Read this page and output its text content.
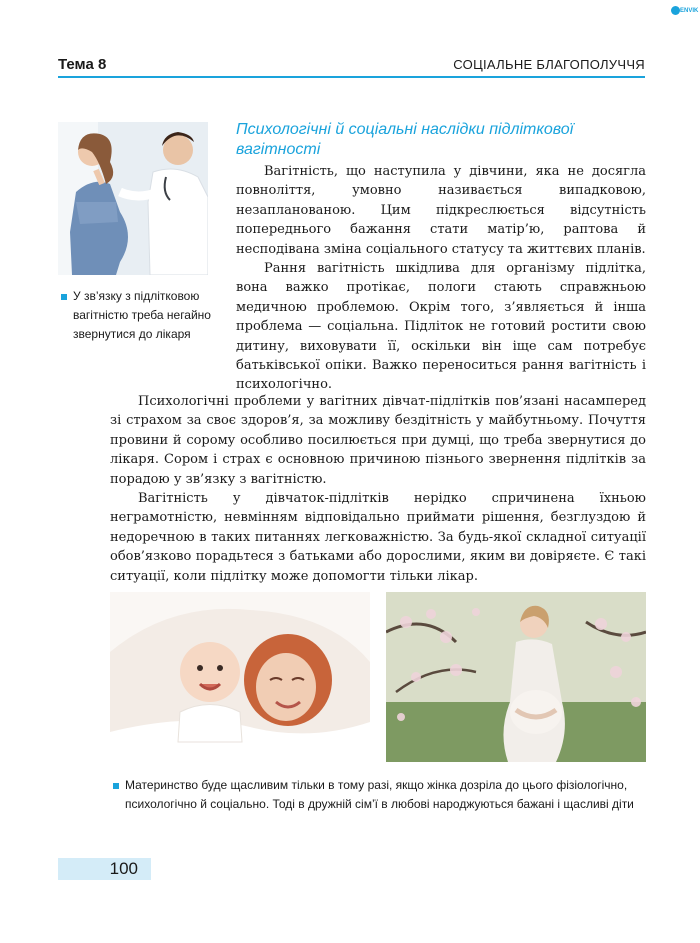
ENVIK
Тема 8	СОЦІАЛЬНЕ БЛАГОПОЛУЧЧЯ
У зв’язку з підлітковою вагітністю треба негайно звернутися до лікаря
Психологічні й соціальні наслідки підліткової вагітності

Вагітність, що наступила у дівчини, яка не досягла повноліття, умовно називається випадковою, незапланованою. Цим підкреслюється відсутність попереднього бажання стати матір’ю, раптова й несподівана зміна соціального статусу та життєвих планів.

Рання вагітність шкідлива для організму підлітка, вона важко протікає, пологи стають справжньою медичною проблемою. Окрім того, з’являється й інша проблема — соціальна. Підліток не готовий ростити свою дитину, виховувати її, оскільки він іще сам потребує батьківської опіки. Важко переноситься рання вагітність і психологічно.

Психологічні проблеми у вагітних дівчат-підлітків пов’язані насамперед зі страхом за своє здоров’я, за можливу бездітність у майбутньому. Почуття провини й сорому особливо посилюється при думці, що треба звернутися до лікаря. Сором і страх є основною причиною пізнього звернення підлітків за порадою у зв’язку з вагітністю.

Вагітність у дівчаток-підлітків нерідко спричинена їхньою неграмотністю, невмінням відповідально приймати рішення, безглуздою й недоречною в таких питаннях легковажністю. За будь-якої складної ситуації обов’язково порадьтеся з батьками або дорослими, яким ви довіряєте. Є такі ситуації, коли підлітку може допомогти тільки лікар.

Материнство буде щасливим тільки в тому разі, якщо жінка дозріла до цього фізіологічно, психологічно й соціально. Тоді в дружній сім’ї в любові народжуються бажані і щасливі діти
100
